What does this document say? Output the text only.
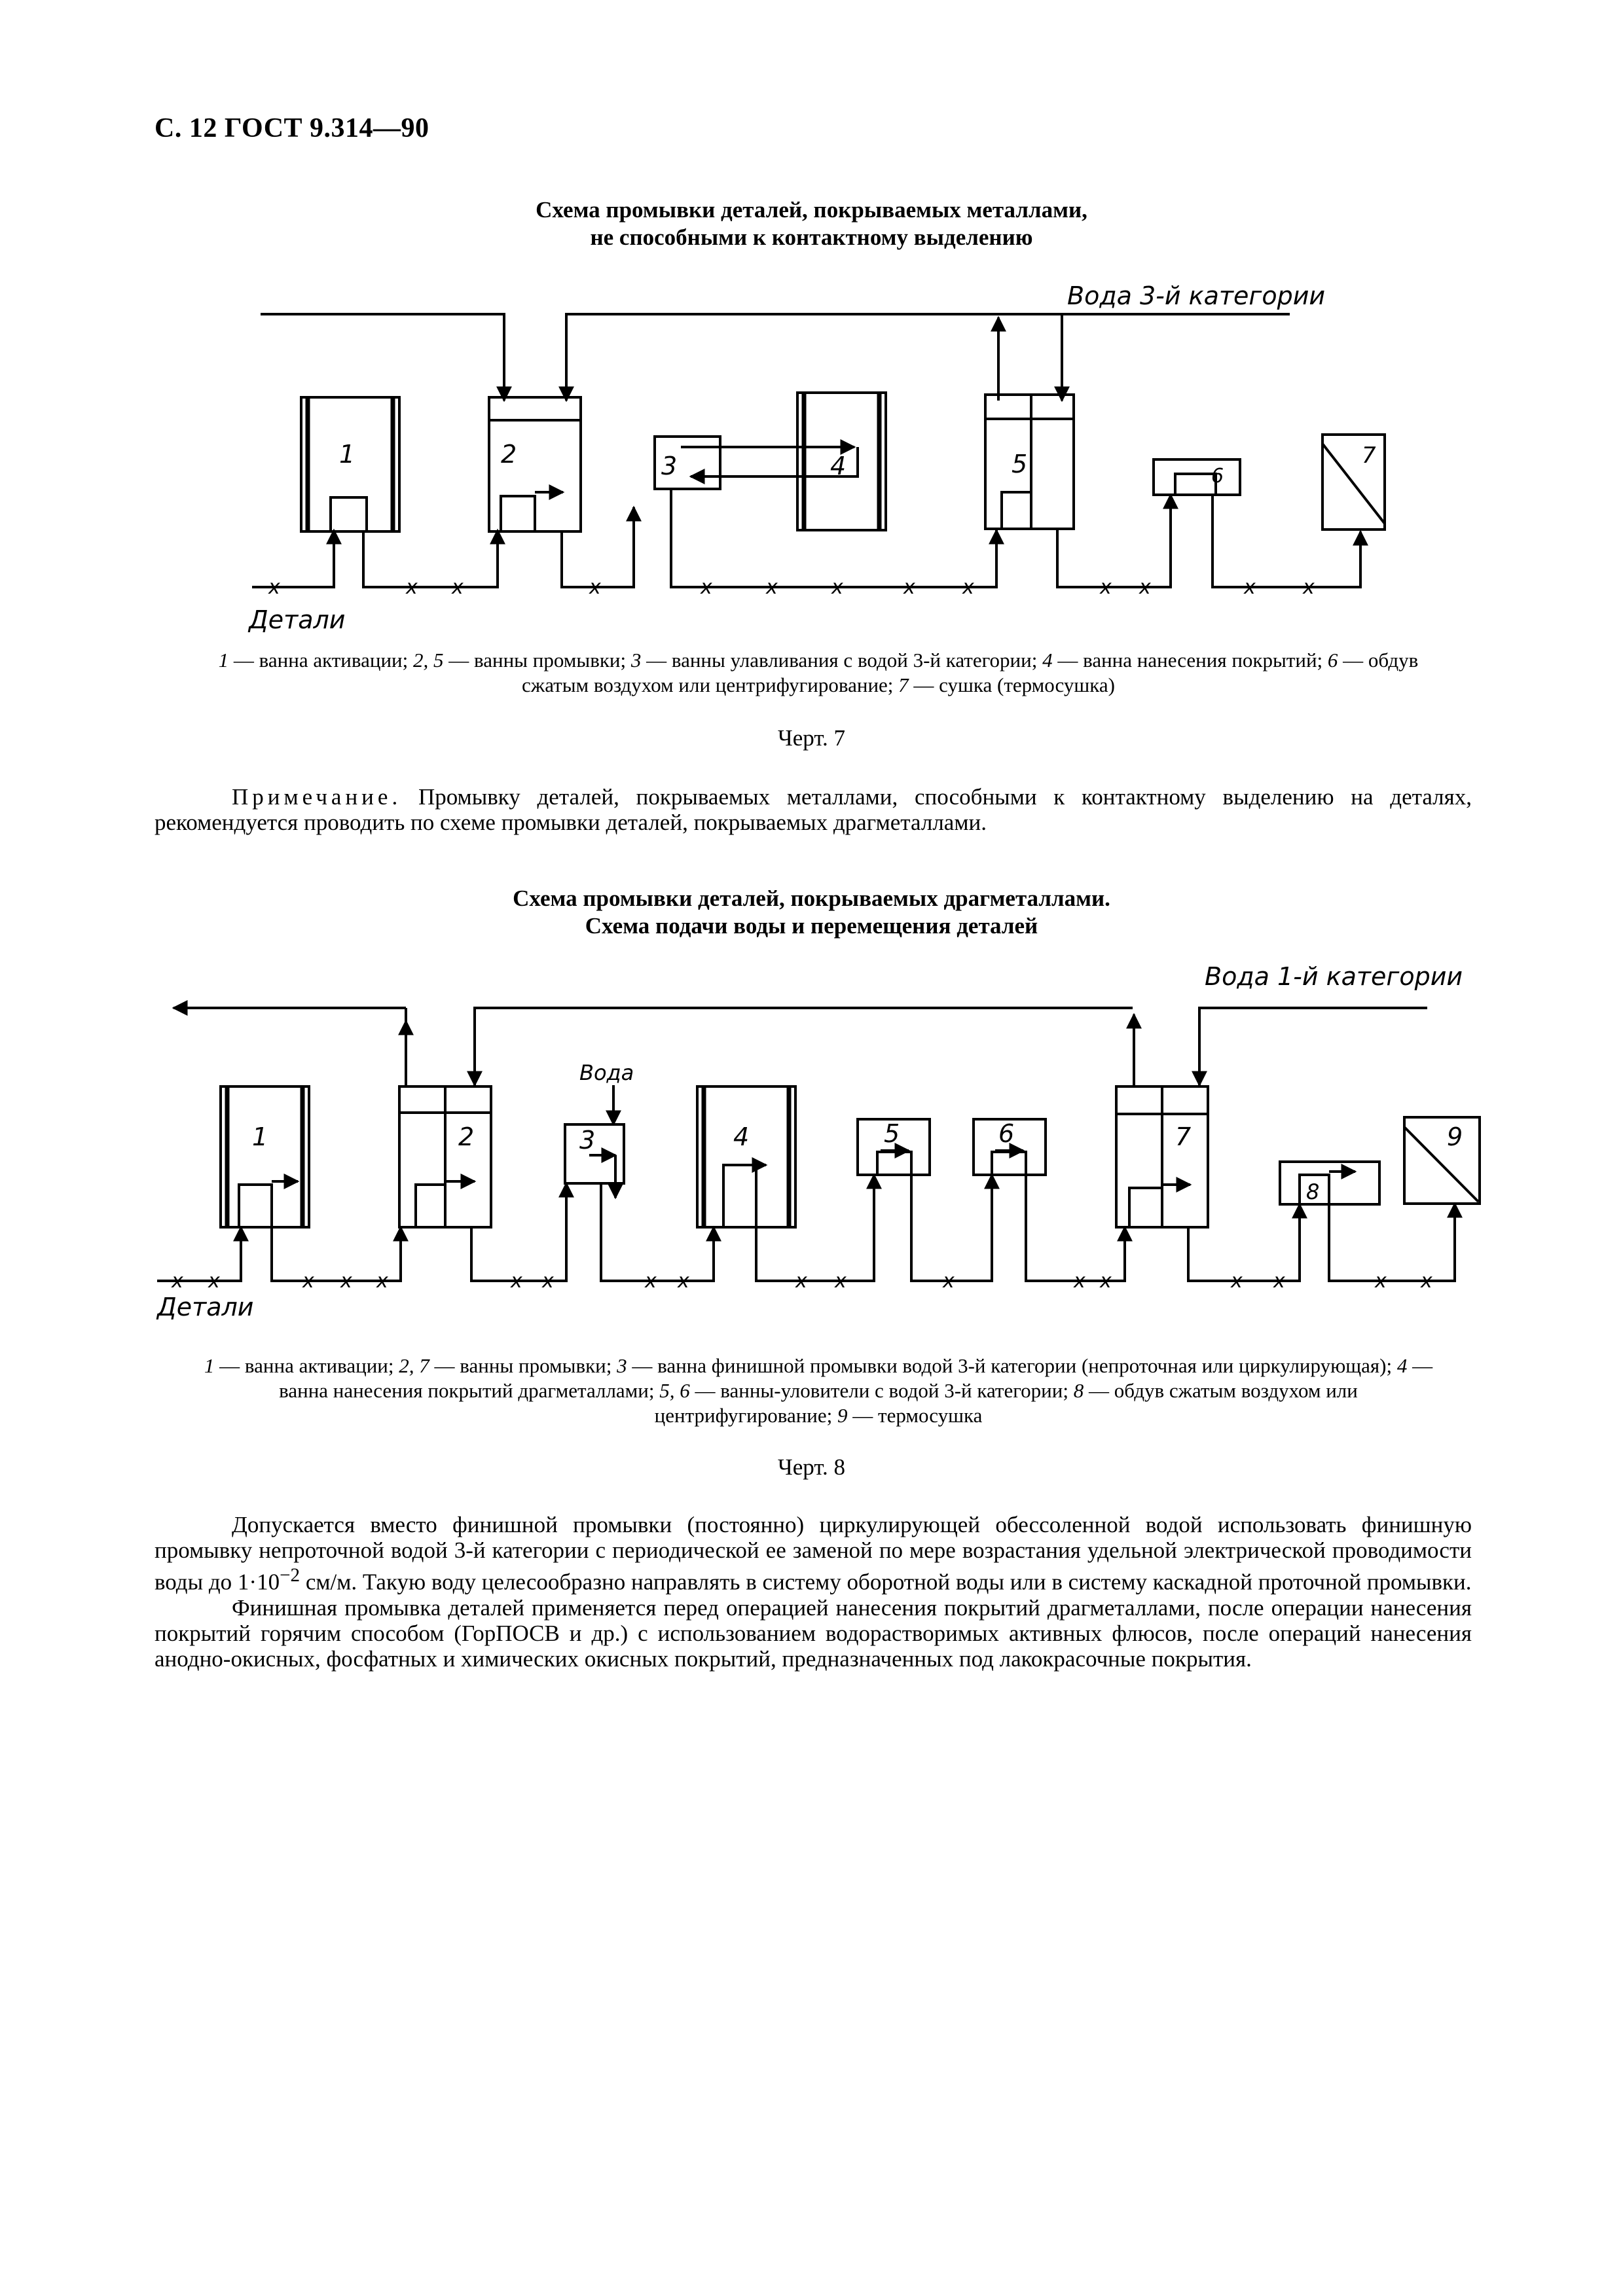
С. 12 ГОСТ 9.314—90
Схема промывки деталей, покрываемых металлами,
не способными к контактному выделению
Вода 3-й категории
1	2	3	4	5	6
7
x	x x	x	x	x	x	x x	x x	x x
Детали
1 — ванна активации; 2, 5 — ванны промывки; 3 — ванны улавливания с водой 3-й категории; 4 — ванна нанесения покрытий; 6 — обдув сжатым воздухом или центрифугирование; 7 — сушка (термосушка)
Черт. 7

Примечание. Промывку деталей, покрываемых металлами, способными к контактному выделению на деталях, рекомендуется проводить по схеме промывки деталей, покрываемых драгметаллами.

Схема промывки деталей, покрываемых драгметаллами.
Схема подачи воды и перемещения деталей
Вода 1-й категории
Вода
1	2	3	4	5	6	7
8
9
x x	x x x	x x	x x	x x	x	x x	x x	x x
Детали
1 — ванна активации; 2, 7 — ванны промывки; 3 — ванна финишной промывки водой 3-й категории (непроточная или циркулирующая); 4 — ванна нанесения покрытий драгметаллами; 5, 6 — ванны-уловители с водой 3-й категории; 8 — обдув сжатым воздухом или центрифугирование; 9 — термосушка
Черт. 8

Допускается вместо финишной промывки (постоянно) циркулирующей обессоленной водой использовать финишную промывку непроточной водой 3-й категории с периодической ее заменой по мере возрастания удельной электрической проводимости воды до $1\cdot 10^{-2}$ см/м. Такую воду целесообразно направлять в систему оборотной воды или в систему каскадной проточной промывки.

Финишная промывка деталей применяется перед операцией нанесения покрытий драгметаллами, после операции нанесения покрытий горячим способом (ГорПОСВ и др.) с использованием водорастворимых активных флюсов, после операций нанесения анодно-окисных, фосфатных и химических окисных покрытий, предназначенных под лакокрасочные покрытия.
